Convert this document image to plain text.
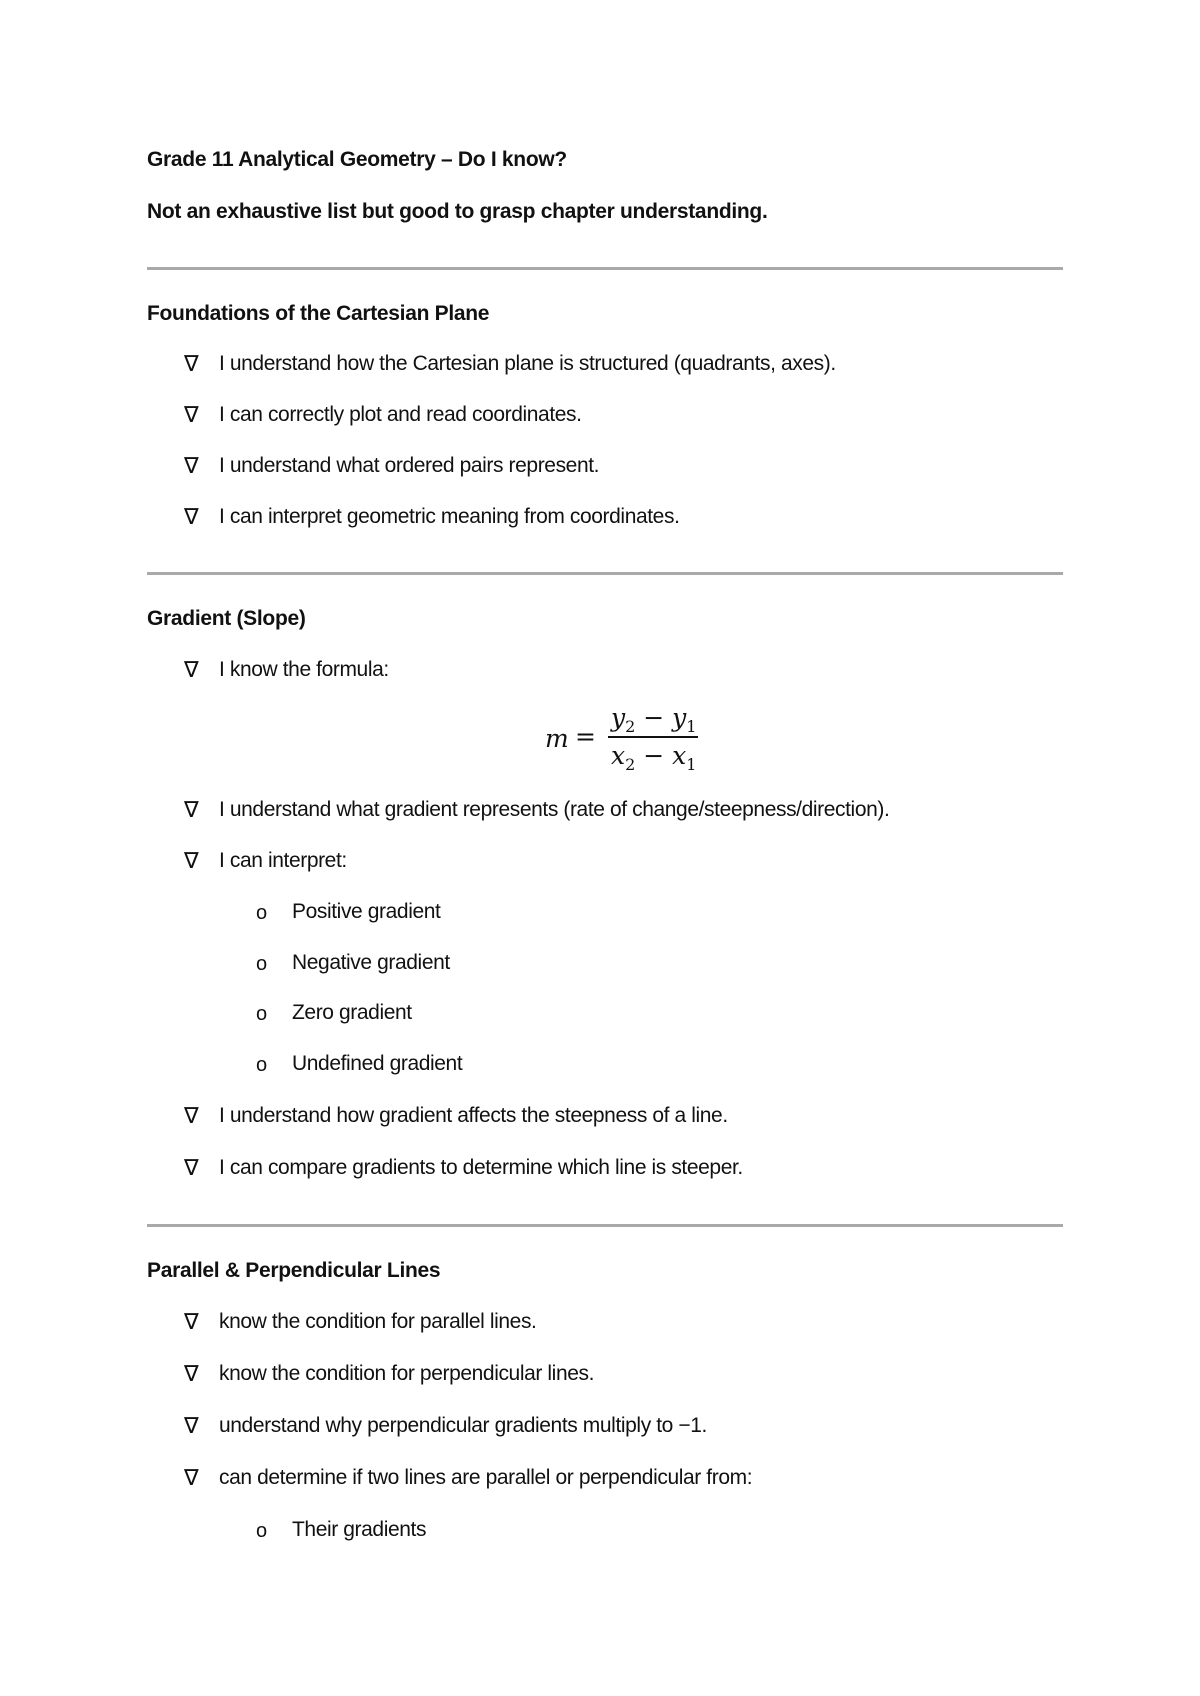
Grade 11 Analytical Geometry – Do I know?
Not an exhaustive list but good to grasp chapter understanding.
Foundations of the Cartesian Plane
∇ I understand how the Cartesian plane is structured (quadrants, axes).
∇ I can correctly plot and read coordinates.
∇ I understand what ordered pairs represent.
∇ I can interpret geometric meaning from coordinates.
Gradient (Slope)
∇ I know the formula:
m =
$y_2 - y_1$
$x_2 - x_1$
∇ I understand what gradient represents (rate of change/steepness/direction).
∇ I can interpret:
o Positive gradient
o Negative gradient
o Zero gradient
o Undefined gradient
∇ I understand how gradient affects the steepness of a line.
∇ I can compare gradients to determine which line is steeper.
Parallel & Perpendicular Lines
∇ know the condition for parallel lines.
∇ know the condition for perpendicular lines.
∇ understand why perpendicular gradients multiply to −1.
∇ can determine if two lines are parallel or perpendicular from:
o Their gradients
